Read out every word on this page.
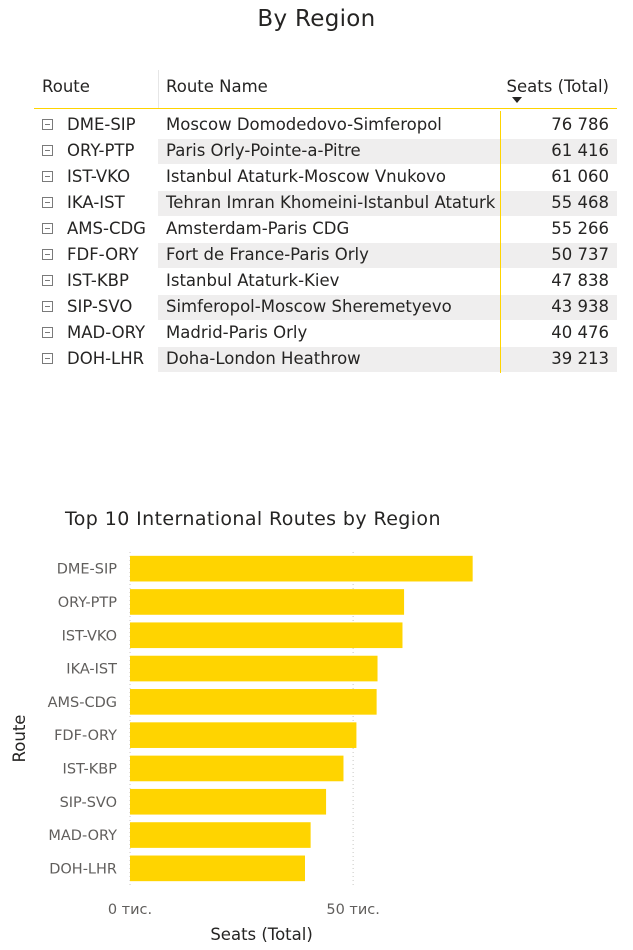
By Region
Route	Route Name	Seats (Total)
DME-SIP Moscow Domodedovo-Simferopol	76 786
ORY-PTP Paris Orly-Pointe-a-Pitre	61 416
IST-VKO Istanbul Ataturk-Moscow Vnukovo	61 060
IKA-IST	Tehran Imran Khomeini-Istanbul Ataturk	55 468
AMS-CDG Amsterdam-Paris CDG	55 266
FDF-ORY Fort de France-Paris Orly	50 737
IST-KBP Istanbul Ataturk-Kiev	47 838
SIP-SVO Simferopol-Moscow Sheremetyevo	43 938
MAD-ORY Madrid-Paris Orly	40 476
DOH-LHR Doha-London Heathrow	39 213
Top 10 International Routes by Region
0 тис.	50 тис.
DME-SIP
ORY-PTP
IST-VKO
IKA-IST
AMS-CDG
FDF-ORY
IST-KBP
SIP-SVO
MAD-ORY
DOH-LHR
Seats (Total)
Route
